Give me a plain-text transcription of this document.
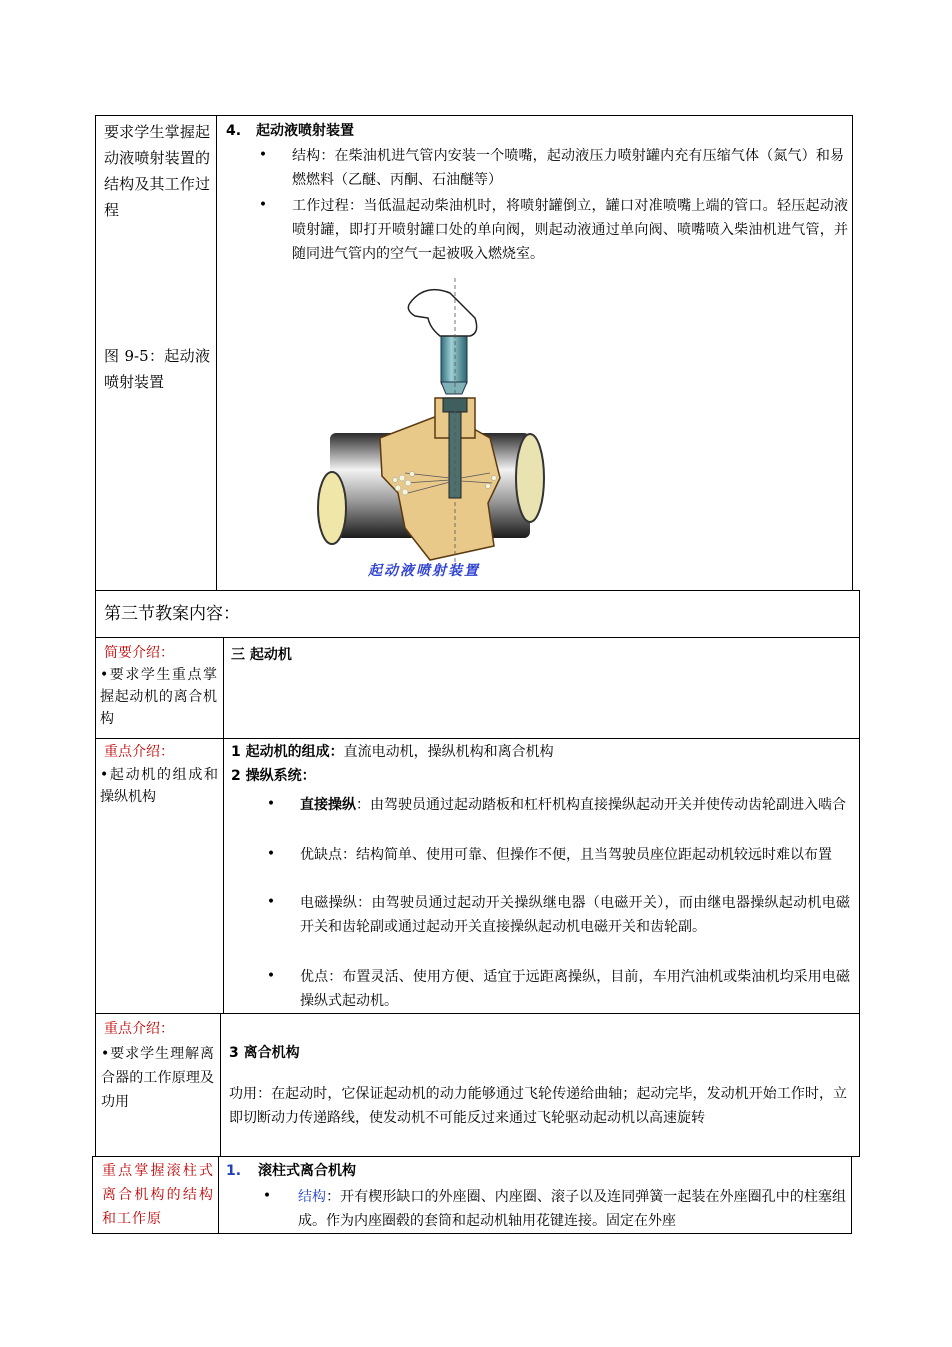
要求学生掌握起动液喷射装置的结构及其工作过程
图 9-5：起动液喷射装置
4. 起动液喷射装置
• 结构：在柴油机进气管内安装一个喷嘴，起动液压力喷射罐内充有压缩气体（氮气）和易燃燃料（乙醚、丙酮、石油醚等）
• 工作过程：当低温起动柴油机时，将喷射罐倒立，罐口对准喷嘴上端的管口。轻压起动液喷射罐，即打开喷射罐口处的单向阀，则起动液通过单向阀、喷嘴喷入柴油机进气管，并随同进气管内的空气一起被吸入燃烧室。
起动液喷射装置
第三节教案内容：
简要介绍：
•要求学生重点掌握起动机的离合机构
三 起动机
重点介绍：
•起动机的组成和操纵机构
1 起动机的组成：直流电动机，操纵机构和离合机构
2 操纵系统：
• 直接操纵：由驾驶员通过起动踏板和杠杆机构直接操纵起动开关并使传动齿轮副进入啮合
• 优缺点：结构简单、使用可靠、但操作不便，且当驾驶员座位距起动机较远时难以布置
• 电磁操纵：由驾驶员通过起动开关操纵继电器（电磁开关），而由继电器操纵起动机电磁开关和齿轮副或通过起动开关直接操纵起动机电磁开关和齿轮副。
• 优点：布置灵活、使用方便、适宜于远距离操纵，目前，车用汽油机或柴油机均采用电磁操纵式起动机。
重点介绍：
•要求学生理解离合器的工作原理及功用
3 离合机构
功用：在起动时，它保证起动机的动力能够通过飞轮传递给曲轴；起动完毕，发动机开始工作时，立即切断动力传递路线，使发动机不可能反过来通过飞轮驱动起动机以高速旋转
重点掌握滚柱式离合机构的结构和工作原
1. 滚柱式离合机构
• 结构：开有楔形缺口的外座圈、内座圈、滚子以及连同弹簧一起装在外座圈孔中的柱塞组成。作为内座圈毂的套筒和起动机轴用花键连接。固定在外座
